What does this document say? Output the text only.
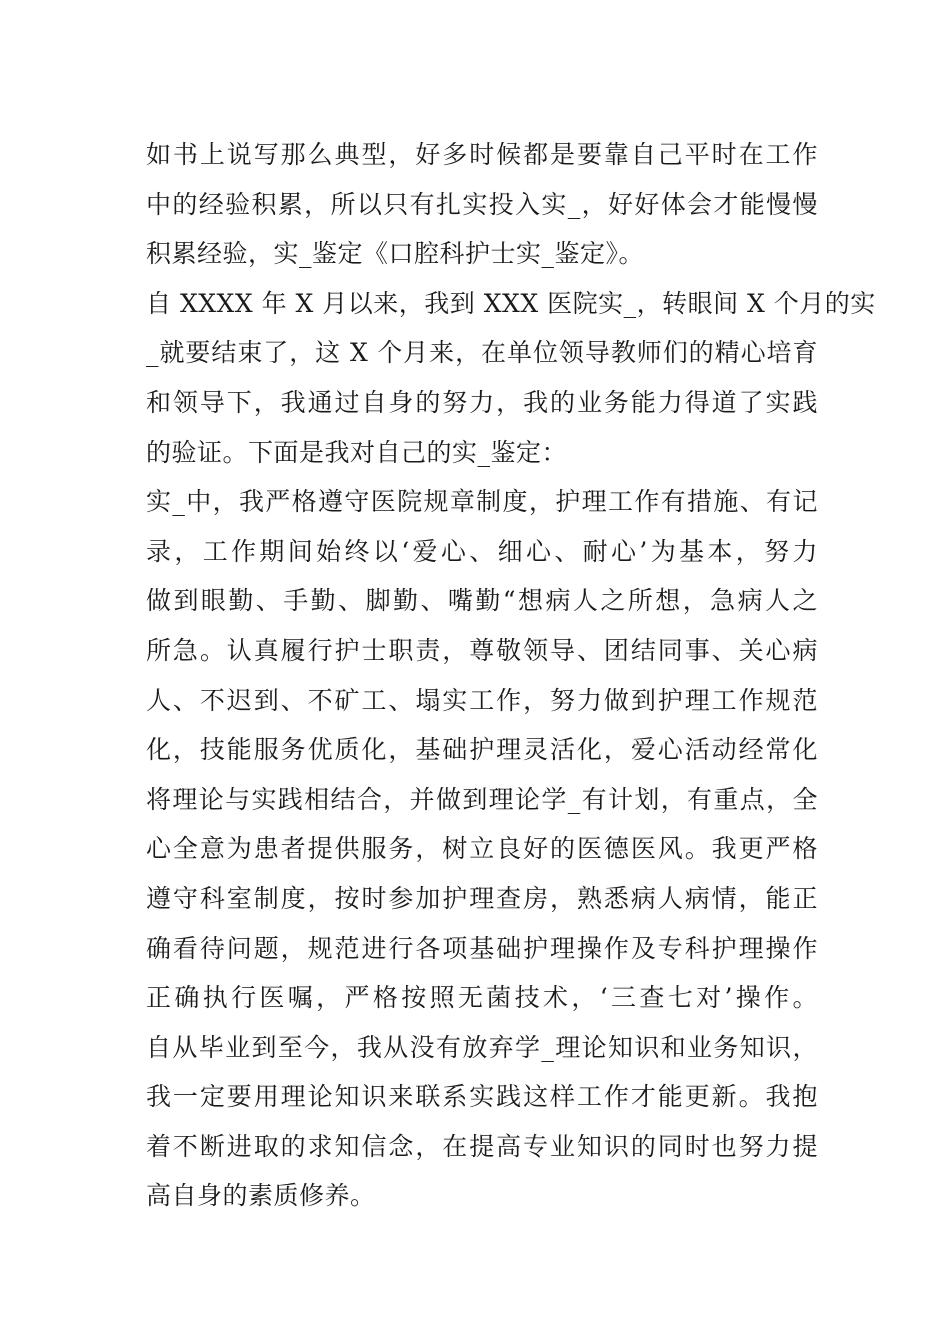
如书上说写那么典型，好多时候都是要靠自己平时在工作
中的经验积累，所以只有扎实投入实_，好好体会才能慢慢
积累经验，实_鉴定《口腔科护士实_鉴定》。
自 XXXX 年 X 月以来，我到 XXX 医院实_，转眼间 X 个月的实
_就要结束了，这 X 个月来，在单位领导教师们的精心培育
和领导下，我通过自身的努力，我的业务能力得道了实践
的验证。下面是我对自己的实_鉴定：
实_中，我严格遵守医院规章制度，护理工作有措施、有记
录，工作期间始终以‘爱心、细心、耐心’为基本，努力
做到眼勤、手勤、脚勤、嘴勤“想病人之所想，急病人之
所急。认真履行护士职责，尊敬领导、团结同事、关心病
人、不迟到、不矿工、塌实工作，努力做到护理工作规范
化，技能服务优质化，基础护理灵活化，爱心活动经常化
将理论与实践相结合，并做到理论学_有计划，有重点，全
心全意为患者提供服务，树立良好的医德医风。我更严格
遵守科室制度，按时参加护理查房，熟悉病人病情，能正
确看待问题，规范进行各项基础护理操作及专科护理操作
正确执行医嘱，严格按照无菌技术，‘三查七对’操作。
自从毕业到至今，我从没有放弃学_理论知识和业务知识，
我一定要用理论知识来联系实践这样工作才能更新。我抱
着不断进取的求知信念，在提高专业知识的同时也努力提
高自身的素质修养。
